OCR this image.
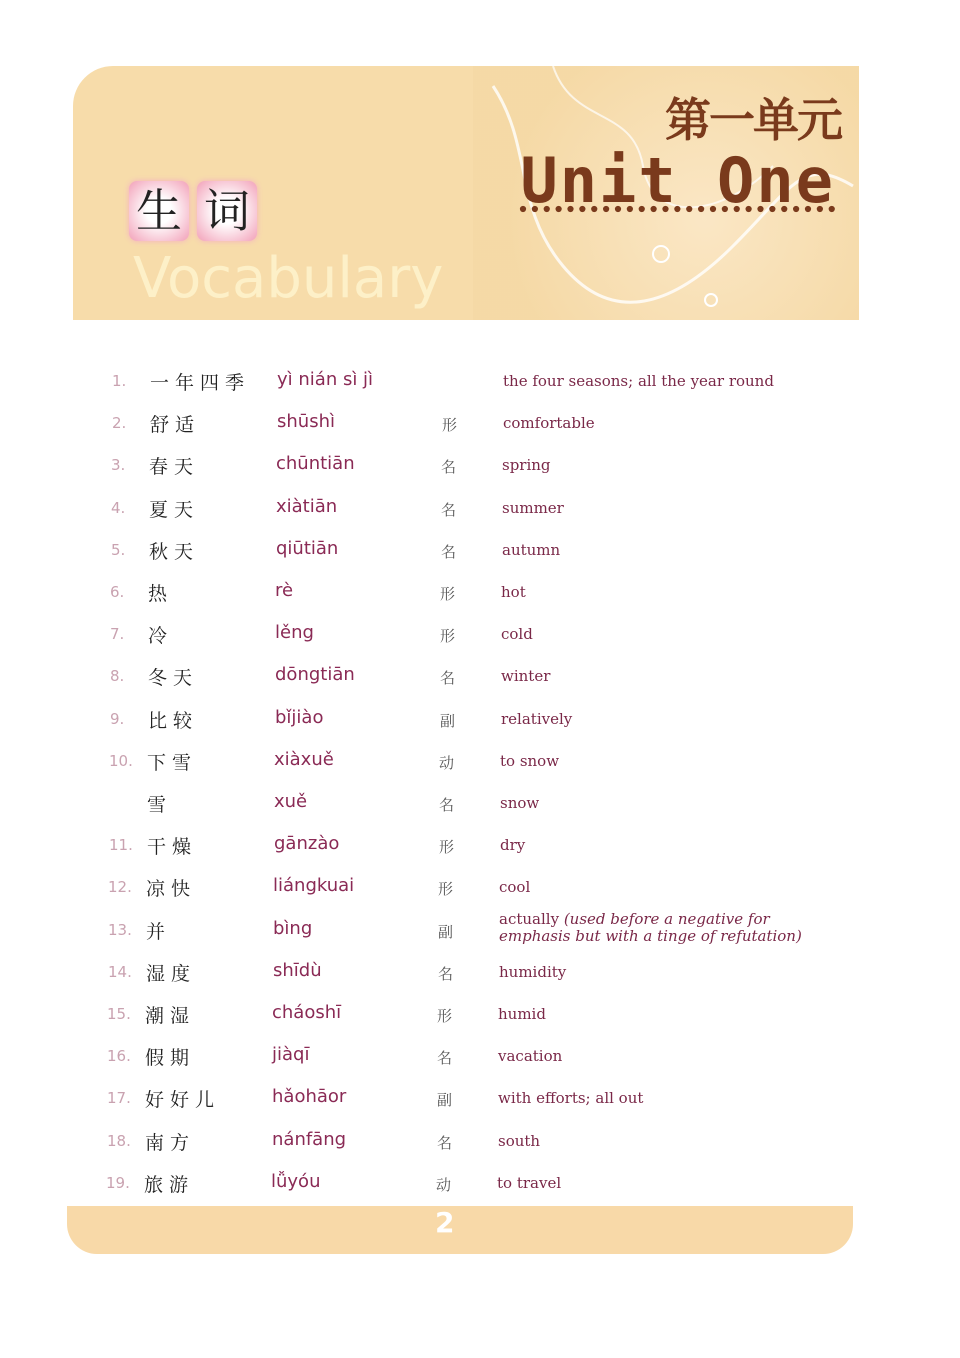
第一单元
Unit One
生 词
Vocabulary
1. 一年四季 yì nián sì jì	the four seasons; all the year round
2. 舒适	shūshì	形	comfortable
3. 春天	chūntiān	名	spring
4. 夏天	xiàtiān	名	summer
5. 秋天	qiūtiān	名	autumn
6. 热	rè	形	hot
7. 冷	lěng	形	cold
8. 冬天	dōngtiān	名	winter
9. 比较	bǐjiào	副	relatively
10. 下雪	xiàxuě	动	to snow
雪	xuě	名	snow
11. 干燥	gānzào	形	dry
12. 凉快	liángkuai	形	cool
13. 并	bìng	副
actually (used before a negative for emphasis but with a tinge of refutation)
14. 湿度	shīdù	名	humidity
15. 潮湿	cháoshī	形	humid
16. 假期	jiàqī	名	vacation
17. 好好儿	hǎohāor	副	with efforts; all out
18. 南方	nánfāng	名	south
19. 旅游	lǚyóu	动	to travel
2
